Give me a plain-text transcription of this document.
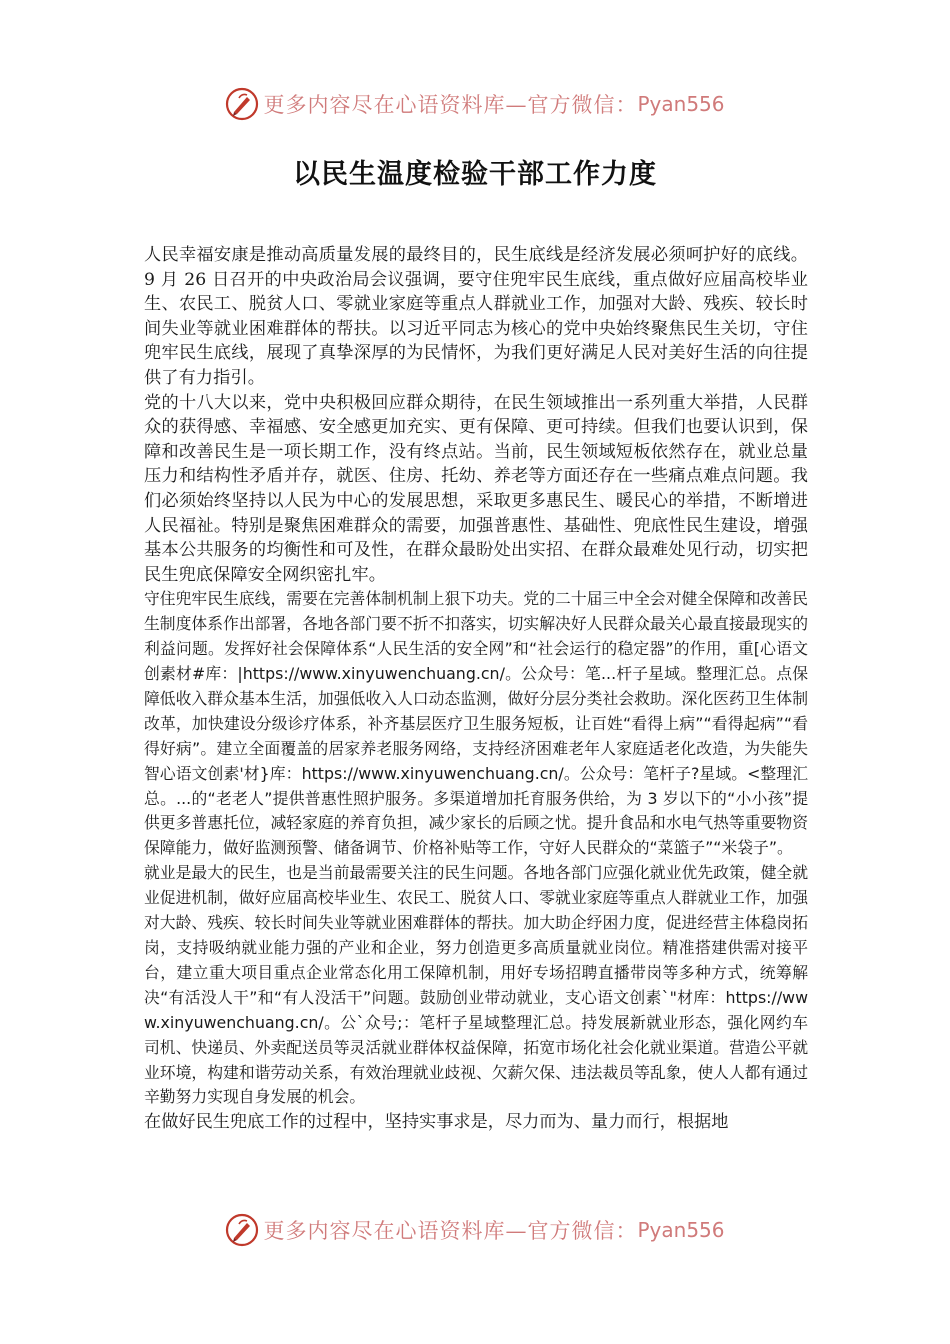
更多内容尽在心语资料库—官方微信： Pyan556
以民生温度检验干部工作力度

人民幸福安康是推动高质量发展的最终目的，民生底线是经济发展必须呵护好的底线。9 月 26 日召开的中央政治局会议强调，要守住兜牢民生底线，重点做好应届高校毕业生、农民工、脱贫人口、零就业家庭等重点人群就业工作，加强对大龄、残疾、较长时间失业等就业困难群体的帮扶。以习近平同志为核心的党中央始终聚焦民生关切，守住兜牢民生底线，展现了真挚深厚的为民情怀，为我们更好满足人民对美好生活的向往提供了有力指引。

党的十八大以来，党中央积极回应群众期待，在民生领域推出一系列重大举措，人民群众的获得感、幸福感、安全感更加充实、更有保障、更可持续。但我们也要认识到，保障和改善民生是一项长期工作，没有终点站。当前，民生领域短板依然存在，就业总量压力和结构性矛盾并存，就医、住房、托幼、养老等方面还存在一些痛点难点问题。我们必须始终坚持以人民为中心的发展思想，采取更多惠民生、暖民心的举措，不断增进人民福祉。特别是聚焦困难群众的需要，加强普惠性、基础性、兜底性民生建设，增强基本公共服务的均衡性和可及性，在群众最盼处出实招、在群众最难处见行动，切实把民生兜底保障安全网织密扎牢。

守住兜牢民生底线，需要在完善体制机制上狠下功夫。党的二十届三中全会对健全保障和改善民生制度体系作出部署，各地各部门要不折不扣落实，切实解决好人民群众最关心最直接最现实的利益问题。发挥好社会保障体系“人民生活的安全网”和“社会运行的稳定器”的作用，重[心语文创素材#库：|https://www.xinyuwenchuang.cn/。公众号：笔...杆子星域。整理汇总。点保障低收入群众基本生活，加强低收入人口动态监测，做好分层分类社会救助。深化医药卫生体制改革，加快建设分级诊疗体系，补齐基层医疗卫生服务短板，让百姓“看得上病”“看得起病”“看得好病”。建立全面覆盖的居家养老服务网络，支持经济困难老年人家庭适老化改造，为失能失智心语文创素'材}库：https://www.xinyuwenchuang.cn/。公众号：笔杆子?星域。<整理汇总。...的“老老人”提供普惠性照护服务。多渠道增加托育服务供给，为 3 岁以下的“小小孩”提供更多普惠托位，减轻家庭的养育负担，减少家长的后顾之忧。提升食品和水电气热等重要物资保障能力，做好监测预警、储备调节、价格补贴等工作，守好人民群众的“菜篮子”“米袋子”。

就业是最大的民生，也是当前最需要关注的民生问题。各地各部门应强化就业优先政策，健全就业促进机制，做好应届高校毕业生、农民工、脱贫人口、零就业家庭等重点人群就业工作，加强对大龄、残疾、较长时间失业等就业困难群体的帮扶。加大助企纾困力度，促进经营主体稳岗拓岗，支持吸纳就业能力强的产业和企业，努力创造更多高质量就业岗位。精准搭建供需对接平台，建立重大项目重点企业常态化用工保障机制，用好专场招聘直播带岗等多种方式，统筹解决“有活没人干”和“有人没活干”问题。鼓励创业带动就业，支心语文创素`"材库：https://www.xinyuwenchuang.cn/。公`众号;：笔杆子星域整理汇总。持发展新就业形态，强化网约车司机、快递员、外卖配送员等灵活就业群体权益保障，拓宽市场化社会化就业渠道。营造公平就业环境，构建和谐劳动关系，有效治理就业歧视、欠薪欠保、违法裁员等乱象，使人人都有通过辛勤努力实现自身发展的机会。

在做好民生兜底工作的过程中，坚持实事求是，尽力而为、量力而行，根据地

更多内容尽在心语资料库—官方微信： Pyan556
